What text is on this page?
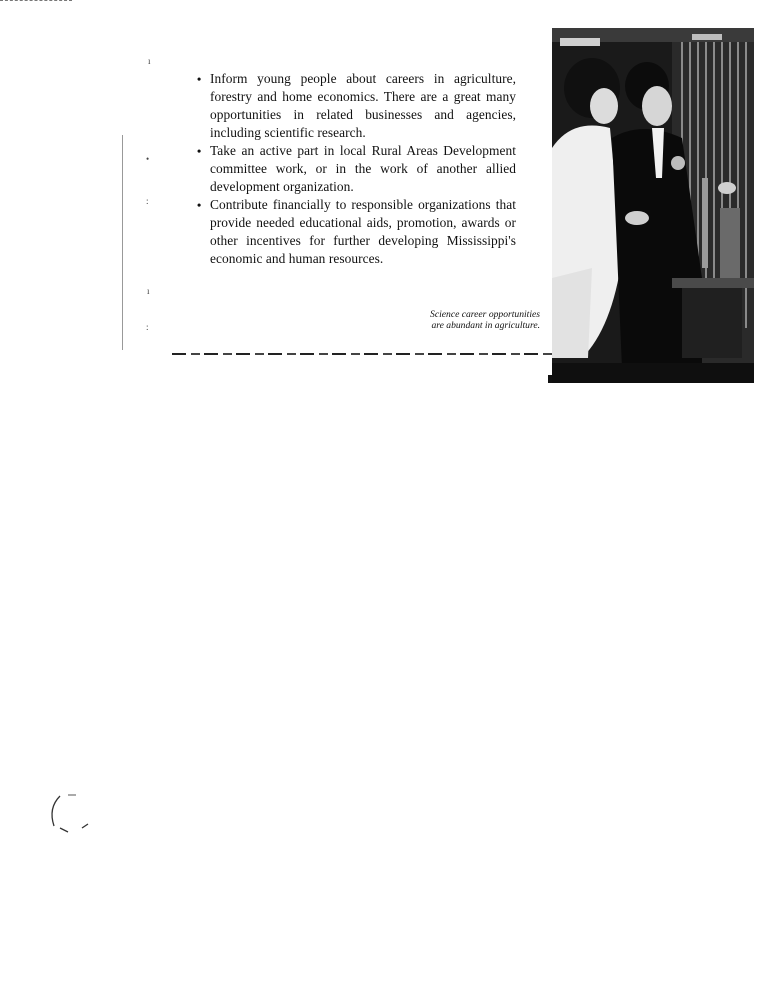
ı
•
:
ı
:
• Inform young people about careers in agriculture, forestry and home economics. There are a great many opportunities in related businesses and agencies, including scientific research.
• Take an active part in local Rural Areas Development committee work, or in the work of another allied development organization.
• Contribute financially to responsible organizations that provide needed educational aids, promotion, awards or other incentives for further developing Mississippi's economic and human resources.
Science career opportunities
are abundant in agriculture.
